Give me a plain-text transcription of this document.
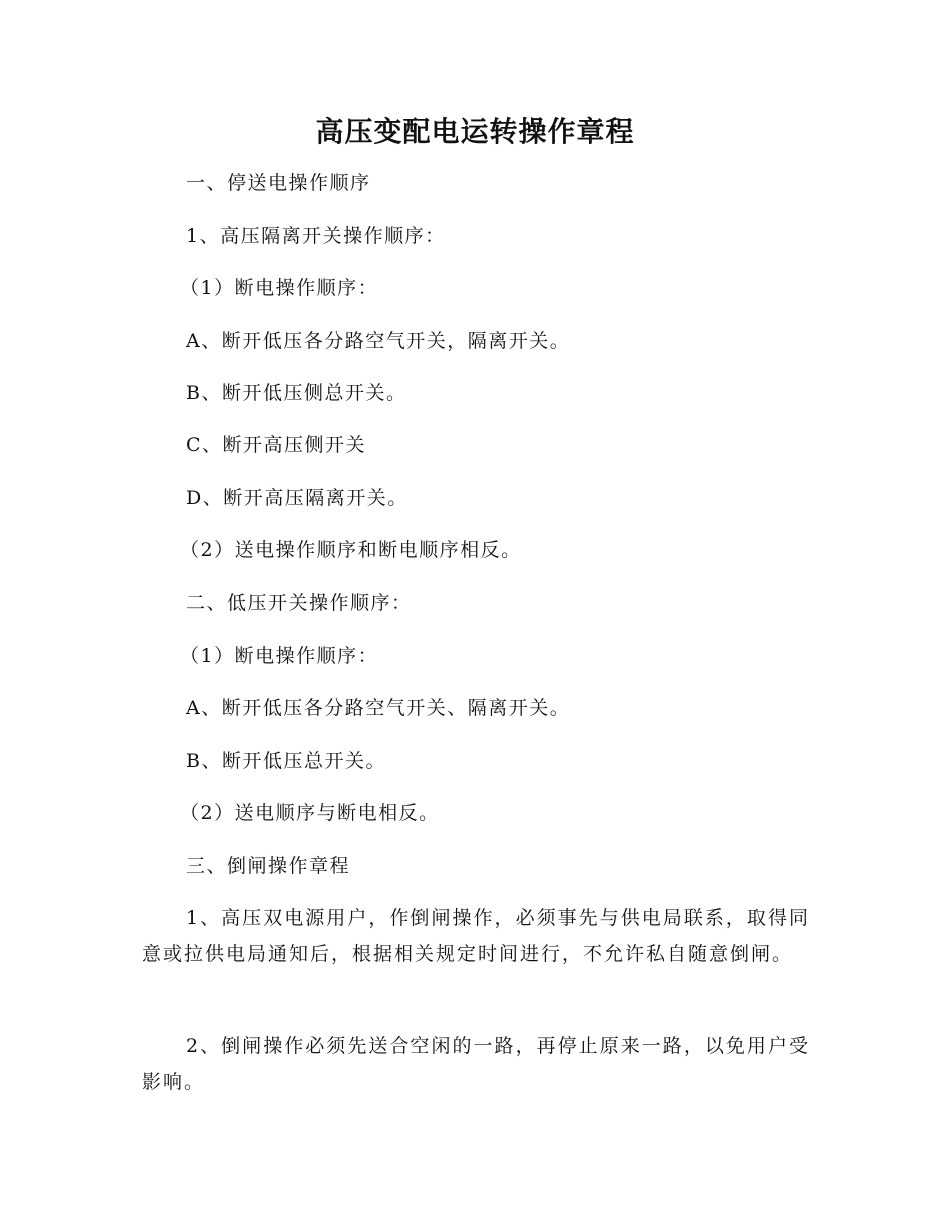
高压变配电运转操作章程
一、停送电操作顺序
1、高压隔离开关操作顺序：
（1）断电操作顺序：
A、断开低压各分路空气开关，隔离开关。
B、断开低压侧总开关。
C、断开高压侧开关
D、断开高压隔离开关。
（2）送电操作顺序和断电顺序相反。
二、低压开关操作顺序：
（1）断电操作顺序：
A、断开低压各分路空气开关、隔离开关。
B、断开低压总开关。
（2）送电顺序与断电相反。
三、倒闸操作章程
1、高压双电源用户，作倒闸操作，必须事先与供电局联系，取得同意或拉供电局通知后，根据相关规定时间进行，不允许私自随意倒闸。
2、倒闸操作必须先送合空闲的一路，再停止原来一路，以免用户受影响。
